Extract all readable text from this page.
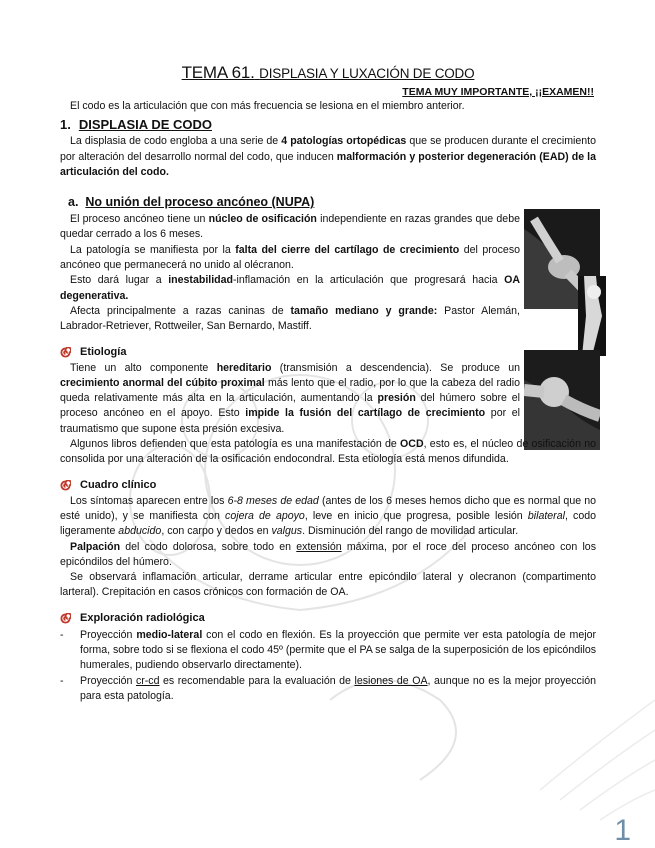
TEMA 61. DISPLASIA Y LUXACIÓN DE CODO
TEMA MUY IMPORTANTE, ¡¡EXAMEN!!

El codo es la articulación que con más frecuencia se lesiona en el miembro anterior.

1. DISPLASIA DE CODO

La displasia de codo engloba a una serie de 4 patologías ortopédicas que se producen durante el crecimiento por alteración del desarrollo normal del codo, que inducen malformación y posterior degeneración (EAD) de la articulación del codo.

a. No unión del proceso ancóneo (NUPA)

El proceso ancóneo tiene un núcleo de osificación independiente en razas grandes que debe quedar cerrado a los 6 meses.

La patología se manifiesta por la falta del cierre del cartílago de crecimiento del proceso ancóneo que permanecerá no unido al olécranon.

Esto dará lugar a inestabilidad-inflamación en la articulación que progresará hacia OA degenerativa.

Afecta principalmente a razas caninas de tamaño mediano y grande: Pastor Alemán, Labrador-Retriever, Rottweiler, San Bernardo, Mastiff.

Etiología

Tiene un alto componente hereditario (transmisión a descendencia). Se produce un crecimiento anormal del cúbito proximal más lento que el radio, por lo que la cabeza del radio queda relativamente más alta en la articulación, aumentando la presión del húmero sobre el proceso ancóneo en el apoyo. Esto impide la fusión del cartílago de crecimiento por el traumatismo que supone esta presión excesiva.

Algunos libros defienden que esta patología es una manifestación de OCD, esto es, el núcleo de osificación no consolida por una alteración de la osificación endocondral. Esta etiología está menos difundida.

Cuadro clínico

Los síntomas aparecen entre los 6-8 meses de edad (antes de los 6 meses hemos dicho que es normal que no esté unido), y se manifiesta con cojera de apoyo, leve en inicio que progresa, posible lesión bilateral, codo ligeramente abducido, con carpo y dedos en valgus. Disminución del rango de movilidad articular.

Palpación del codo dolorosa, sobre todo en extensión máxima, por el roce del proceso ancóneo con los epicóndilos del húmero.

Se observará inflamación articular, derrame articular entre epicóndilo lateral y olecranon (compartimento larteral). Crepitación en casos crónicos con formación de OA.

Exploración radiológica
- Proyección medio-lateral con el codo en flexión. Es la proyección que permite ver esta patología de mejor forma, sobre todo si se flexiona el codo 45º (permite que el PA se salga de la superposición de los epicóndilos humerales, pudiendo observarlo directamente).
- Proyección cr-cd es recomendable para la evaluación de lesiones de OA, aunque no es la mejor proyección para esta patología.
1
